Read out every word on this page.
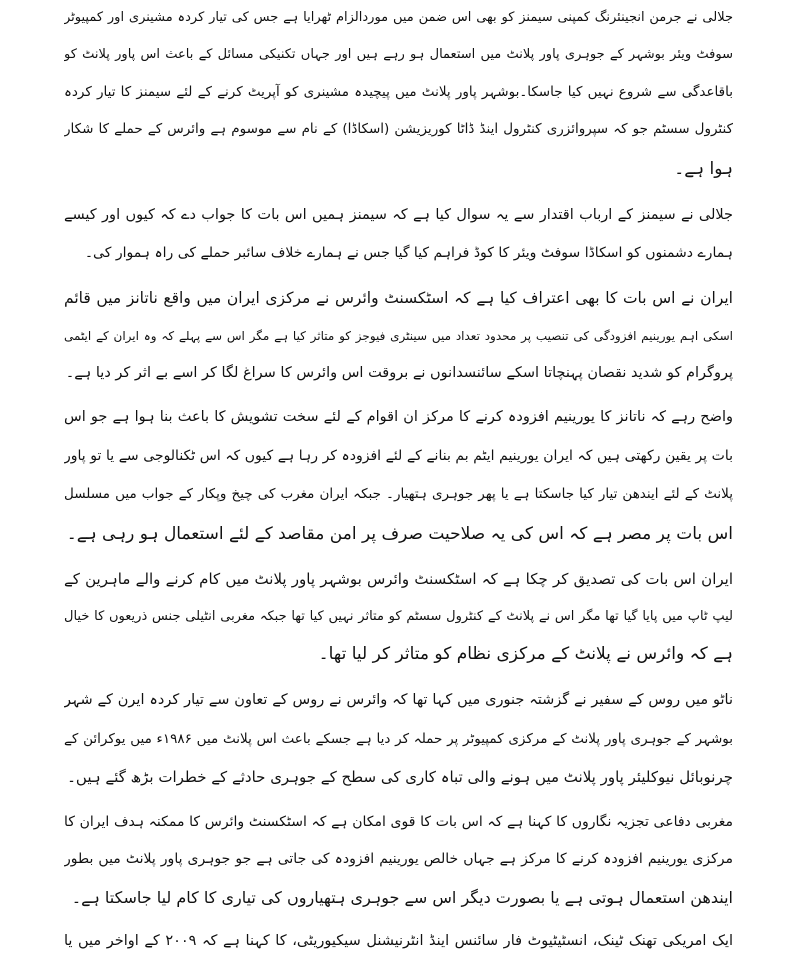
جلالی نے جرمن انجینئرنگ کمپنی سیمنز کو بھی اس ضمن میں موردالزام ٹھرایا ہے جس کی تیار کردہ مشینری اور کمپیوٹر
سوفٹ ویئر بوشہر کے جوہری پاور پلانٹ میں استعمال ہو رہے ہیں اور جہاں تکنیکی مسائل کے باعث اس پاور پلانٹ کو
باقاعدگی سے شروع نہیں کیا جاسکا۔بوشہر پاور پلانٹ میں پیچیدہ مشینری کو آپریٹ کرنے کے لئے سیمنز کا تیار کردہ
کنٹرول سسٹم جو کہ سپروائزری کنٹرول اینڈ ڈاٹا کوریزیشن (اسکاڈا) کے نام سے موسوم ہے وائرس کے حملے کا شکار
ہوا ہے۔
جلالی نے سیمنز کے ارباب اقتدار سے یہ سوال کیا ہے کہ سیمنز ہمیں اس بات کا جواب دے کہ کیوں اور کیسے
ہمارے دشمنوں کو اسکاڈا سوفٹ ویئر کا کوڈ فراہم کیا گیا جس نے ہمارے خلاف سائبر حملے کی راہ ہموار کی۔
ایران نے اس بات کا بھی اعتراف کیا ہے کہ اسٹکسنٹ وائرس نے مرکزی ایران میں واقع ناتانز میں قائم
اسکی اہم یورینیم افزودگی کی تنصیب پر محدود تعداد میں سینٹری فیوجز کو متاثر کیا ہے مگر اس سے پہلے کہ وہ ایران کے ایٹمی
پروگرام کو شدید نقصان پہنچاتا اسکے سائنسدانوں نے بروقت اس وائرس کا سراغ لگا کر اسے بے اثر کر دیا ہے۔
واضح رہے کہ ناتانز کا یورینیم افزودہ کرنے کا مرکز ان اقوام کے لئے سخت تشویش کا باعث بنا ہوا ہے جو اس
بات پر یقین رکھتی ہیں کہ ایران یورینیم ایٹم بم بنانے کے لئے افزودہ کر رہا ہے کیوں کہ اس ٹکنالوجی سے یا تو پاور
پلانٹ کے لئے ایندھن تیار کیا جاسکتا ہے یا پھر جوہری ہتھیار۔ جبکہ ایران مغرب کی چیخ وپکار کے جواب میں مسلسل
اس بات پر مصر ہے کہ اس کی یہ صلاحیت صرف پر امن مقاصد کے لئے استعمال ہو رہی ہے۔
ایران اس بات کی تصدیق کر چکا ہے کہ اسٹکسنٹ وائرس بوشہر پاور پلانٹ میں کام کرنے والے ماہرین کے
لیپ ٹاپ میں پایا گیا تھا مگر اس نے پلانٹ کے کنٹرول سسٹم کو متاثر نہیں کیا تھا جبکہ مغربی انٹیلی جنس ذریعوں کا خیال
ہے کہ وائرس نے پلانٹ کے مرکزی نظام کو متاثر کر لیا تھا۔
ناٹو میں روس کے سفیر نے گزشتہ جنوری میں کہا تھا کہ وائرس نے روس کے تعاون سے تیار کردہ ایرن کے شہر
بوشہر کے جوہری پاور پلانٹ کے مرکزی کمپیوٹر پر حملہ کر دیا ہے جسکے باعث اس پلانٹ میں ۱۹۸۶ء میں یوکرائن کے
چرنوبائل نیوکلیئر پاور پلانٹ میں ہونے والی تباہ کاری کی سطح کے جوہری حادثے کے خطرات بڑھ گئے ہیں۔
مغربی دفاعی تجزیہ نگاروں کا کہنا ہے کہ اس بات کا قوی امکان ہے کہ اسٹکسنٹ وائرس کا ممکنہ ہدف ایران کا
مرکزی یورینیم افزودہ کرنے کا مرکز ہے جہاں خالص یورینیم افزودہ کی جاتی ہے جو جوہری پاور پلانٹ میں بطور
ایندھن استعمال ہوتی ہے یا بصورت دیگر اس سے جوہری ہتھیاروں کی تیاری کا کام لیا جاسکتا ہے۔
ایک امریکی تھنک ٹینک، انسٹیٹیوٹ فار سائنس اینڈ انٹرنیشنل سیکیوریٹی، کا کہنا ہے کہ ۲۰۰۹ کے اواخر میں یا
